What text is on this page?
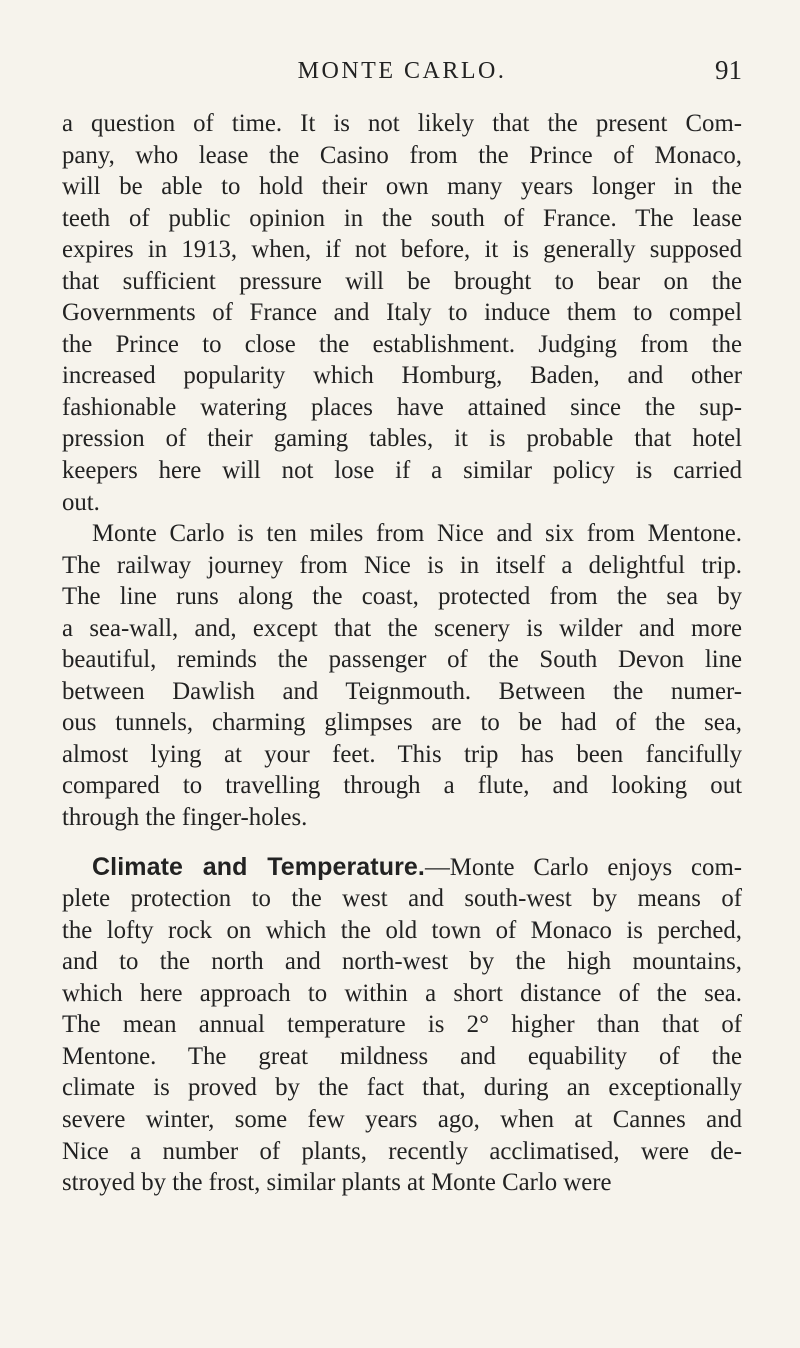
MONTE CARLO.	91

a question of time. It is not likely that the present Com-
pany, who lease the Casino from the Prince of Monaco,
will be able to hold their own many years longer in the
teeth of public opinion in the south of France. The lease
expires in 1913, when, if not before, it is generally supposed
that sufficient pressure will be brought to bear on the
Governments of France and Italy to induce them to compel
the Prince to close the establishment. Judging from the
increased popularity which Homburg, Baden, and other
fashionable watering places have attained since the sup-
pression of their gaming tables, it is probable that hotel
keepers here will not lose if a similar policy is carried
out.

Monte Carlo is ten miles from Nice and six from Mentone.
The railway journey from Nice is in itself a delightful trip.
The line runs along the coast, protected from the sea by
a sea-wall, and, except that the scenery is wilder and more
beautiful, reminds the passenger of the South Devon line
between Dawlish and Teignmouth. Between the numer-
ous tunnels, charming glimpses are to be had of the sea,
almost lying at your feet. This trip has been fancifully
compared to travelling through a flute, and looking out
through the finger-holes.

Climate and Temperature.—Monte Carlo enjoys com-
plete protection to the west and south-west by means of
the lofty rock on which the old town of Monaco is perched,
and to the north and north-west by the high mountains,
which here approach to within a short distance of the sea.
The mean annual temperature is 2° higher than that of
Mentone. The great mildness and equability of the
climate is proved by the fact that, during an exceptionally
severe winter, some few years ago, when at Cannes and
Nice a number of plants, recently acclimatised, were de-
stroyed by the frost, similar plants at Monte Carlo were
